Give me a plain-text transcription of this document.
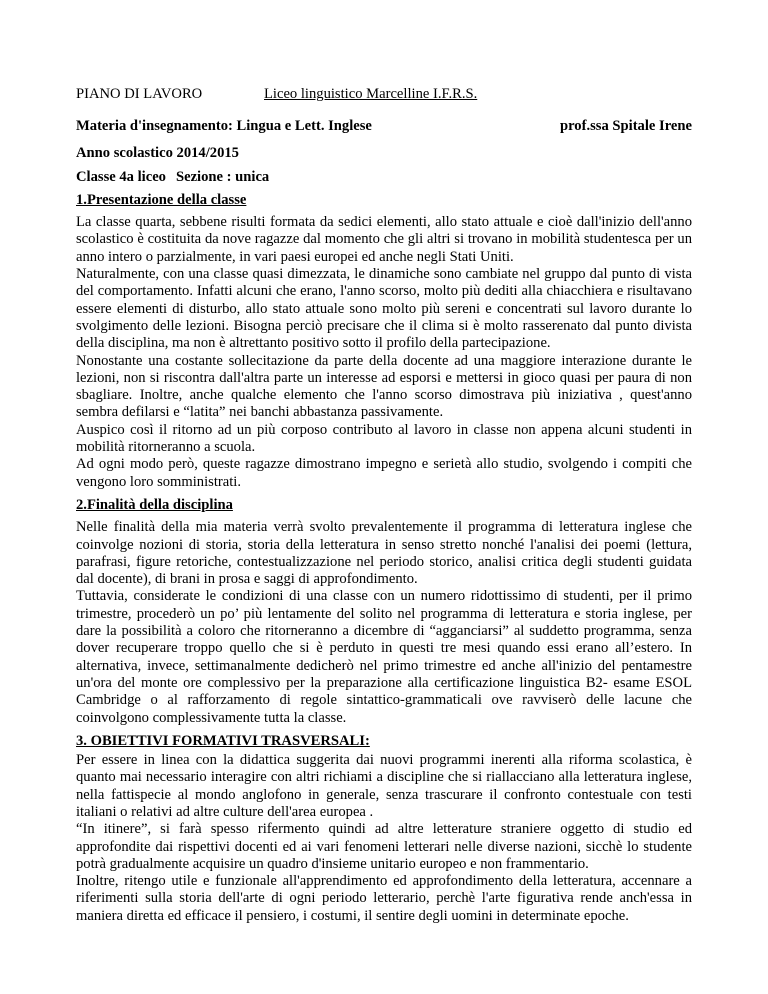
PIANO DI LAVORO	Liceo linguistico Marcelline I.F.R.S.
Materia d'insegnamento: Lingua e Lett. Inglese	prof.ssa Spitale Irene
Anno scolastico 2014/2015
Classe 4a liceo Sezione : unica
1.Presentazione della classe

La classe quarta, sebbene risulti formata da sedici elementi, allo stato attuale e cioè dall'inizio dell'anno scolastico è costituita da nove ragazze dal momento che gli altri si trovano in mobilità studentesca per un anno intero o parzialmente, in vari paesi europei ed anche negli Stati Uniti.

Naturalmente, con una classe quasi dimezzata, le dinamiche sono cambiate nel gruppo dal punto di vista del comportamento. Infatti alcuni che erano, l'anno scorso, molto più dediti alla chiacchiera e risultavano essere elementi di disturbo, allo stato attuale sono molto più sereni e concentrati sul lavoro durante lo svolgimento delle lezioni. Bisogna perciò precisare che il clima si è molto rasserenato dal punto divista della disciplina, ma non è altrettanto positivo sotto il profilo della partecipazione.

Nonostante una costante sollecitazione da parte della docente ad una maggiore interazione durante le lezioni, non si riscontra dall'altra parte un interesse ad esporsi e mettersi in gioco quasi per paura di non sbagliare. Inoltre, anche qualche elemento che l'anno scorso dimostrava più iniziativa , quest'anno sembra defilarsi e “latita” nei banchi abbastanza passivamente.

Auspico così il ritorno ad un più corposo contributo al lavoro in classe non appena alcuni studenti in mobilità ritorneranno a scuola.

Ad ogni modo però, queste ragazze dimostrano impegno e serietà allo studio, svolgendo i compiti che vengono loro somministrati.

2.Finalità della disciplina

Nelle finalità della mia materia verrà svolto prevalentemente il programma di letteratura inglese che coinvolge nozioni di storia, storia della letteratura in senso stretto nonché l'analisi dei poemi (lettura, parafrasi, figure retoriche, contestualizzazione nel periodo storico, analisi critica degli studenti guidata dal docente), di brani in prosa e saggi di approfondimento.

Tuttavia, considerate le condizioni di una classe con un numero ridottissimo di studenti, per il primo trimestre, procederò un po’ più lentamente del solito nel programma di letteratura e storia inglese, per dare la possibilità a coloro che ritorneranno a dicembre di “agganciarsi” al suddetto programma, senza dover recuperare troppo quello che si è perduto in questi tre mesi quando essi erano all’estero. In alternativa, invece, settimanalmente dedicherò nel primo trimestre ed anche all'inizio del pentamestre un'ora del monte ore complessivo per la preparazione alla certificazione linguistica B2- esame ESOL Cambridge o al rafforzamento di regole sintattico-grammaticali ove ravviserò delle lacune che coinvolgono complessivamente tutta la classe.

3. OBIETTIVI FORMATIVI TRASVERSALI:

Per essere in linea con la didattica suggerita dai nuovi programmi inerenti alla riforma scolastica, è quanto mai necessario interagire con altri richiami a discipline che si riallacciano alla letteratura inglese, nella fattispecie al mondo anglofono in generale, senza trascurare il confronto contestuale con testi italiani o relativi ad altre culture dell'area europea .

“In itinere”, si farà spesso rifermento quindi ad altre letterature straniere oggetto di studio ed approfondite dai rispettivi docenti ed ai vari fenomeni letterari nelle diverse nazioni, sicchè lo studente potrà gradualmente acquisire un quadro d'insieme unitario europeo e non frammentario.

Inoltre, ritengo utile e funzionale all'apprendimento ed approfondimento della letteratura, accennare a riferimenti sulla storia dell'arte di ogni periodo letterario, perchè l'arte figurativa rende anch'essa in maniera diretta ed efficace il pensiero, i costumi, il sentire degli uomini in determinate epoche.
